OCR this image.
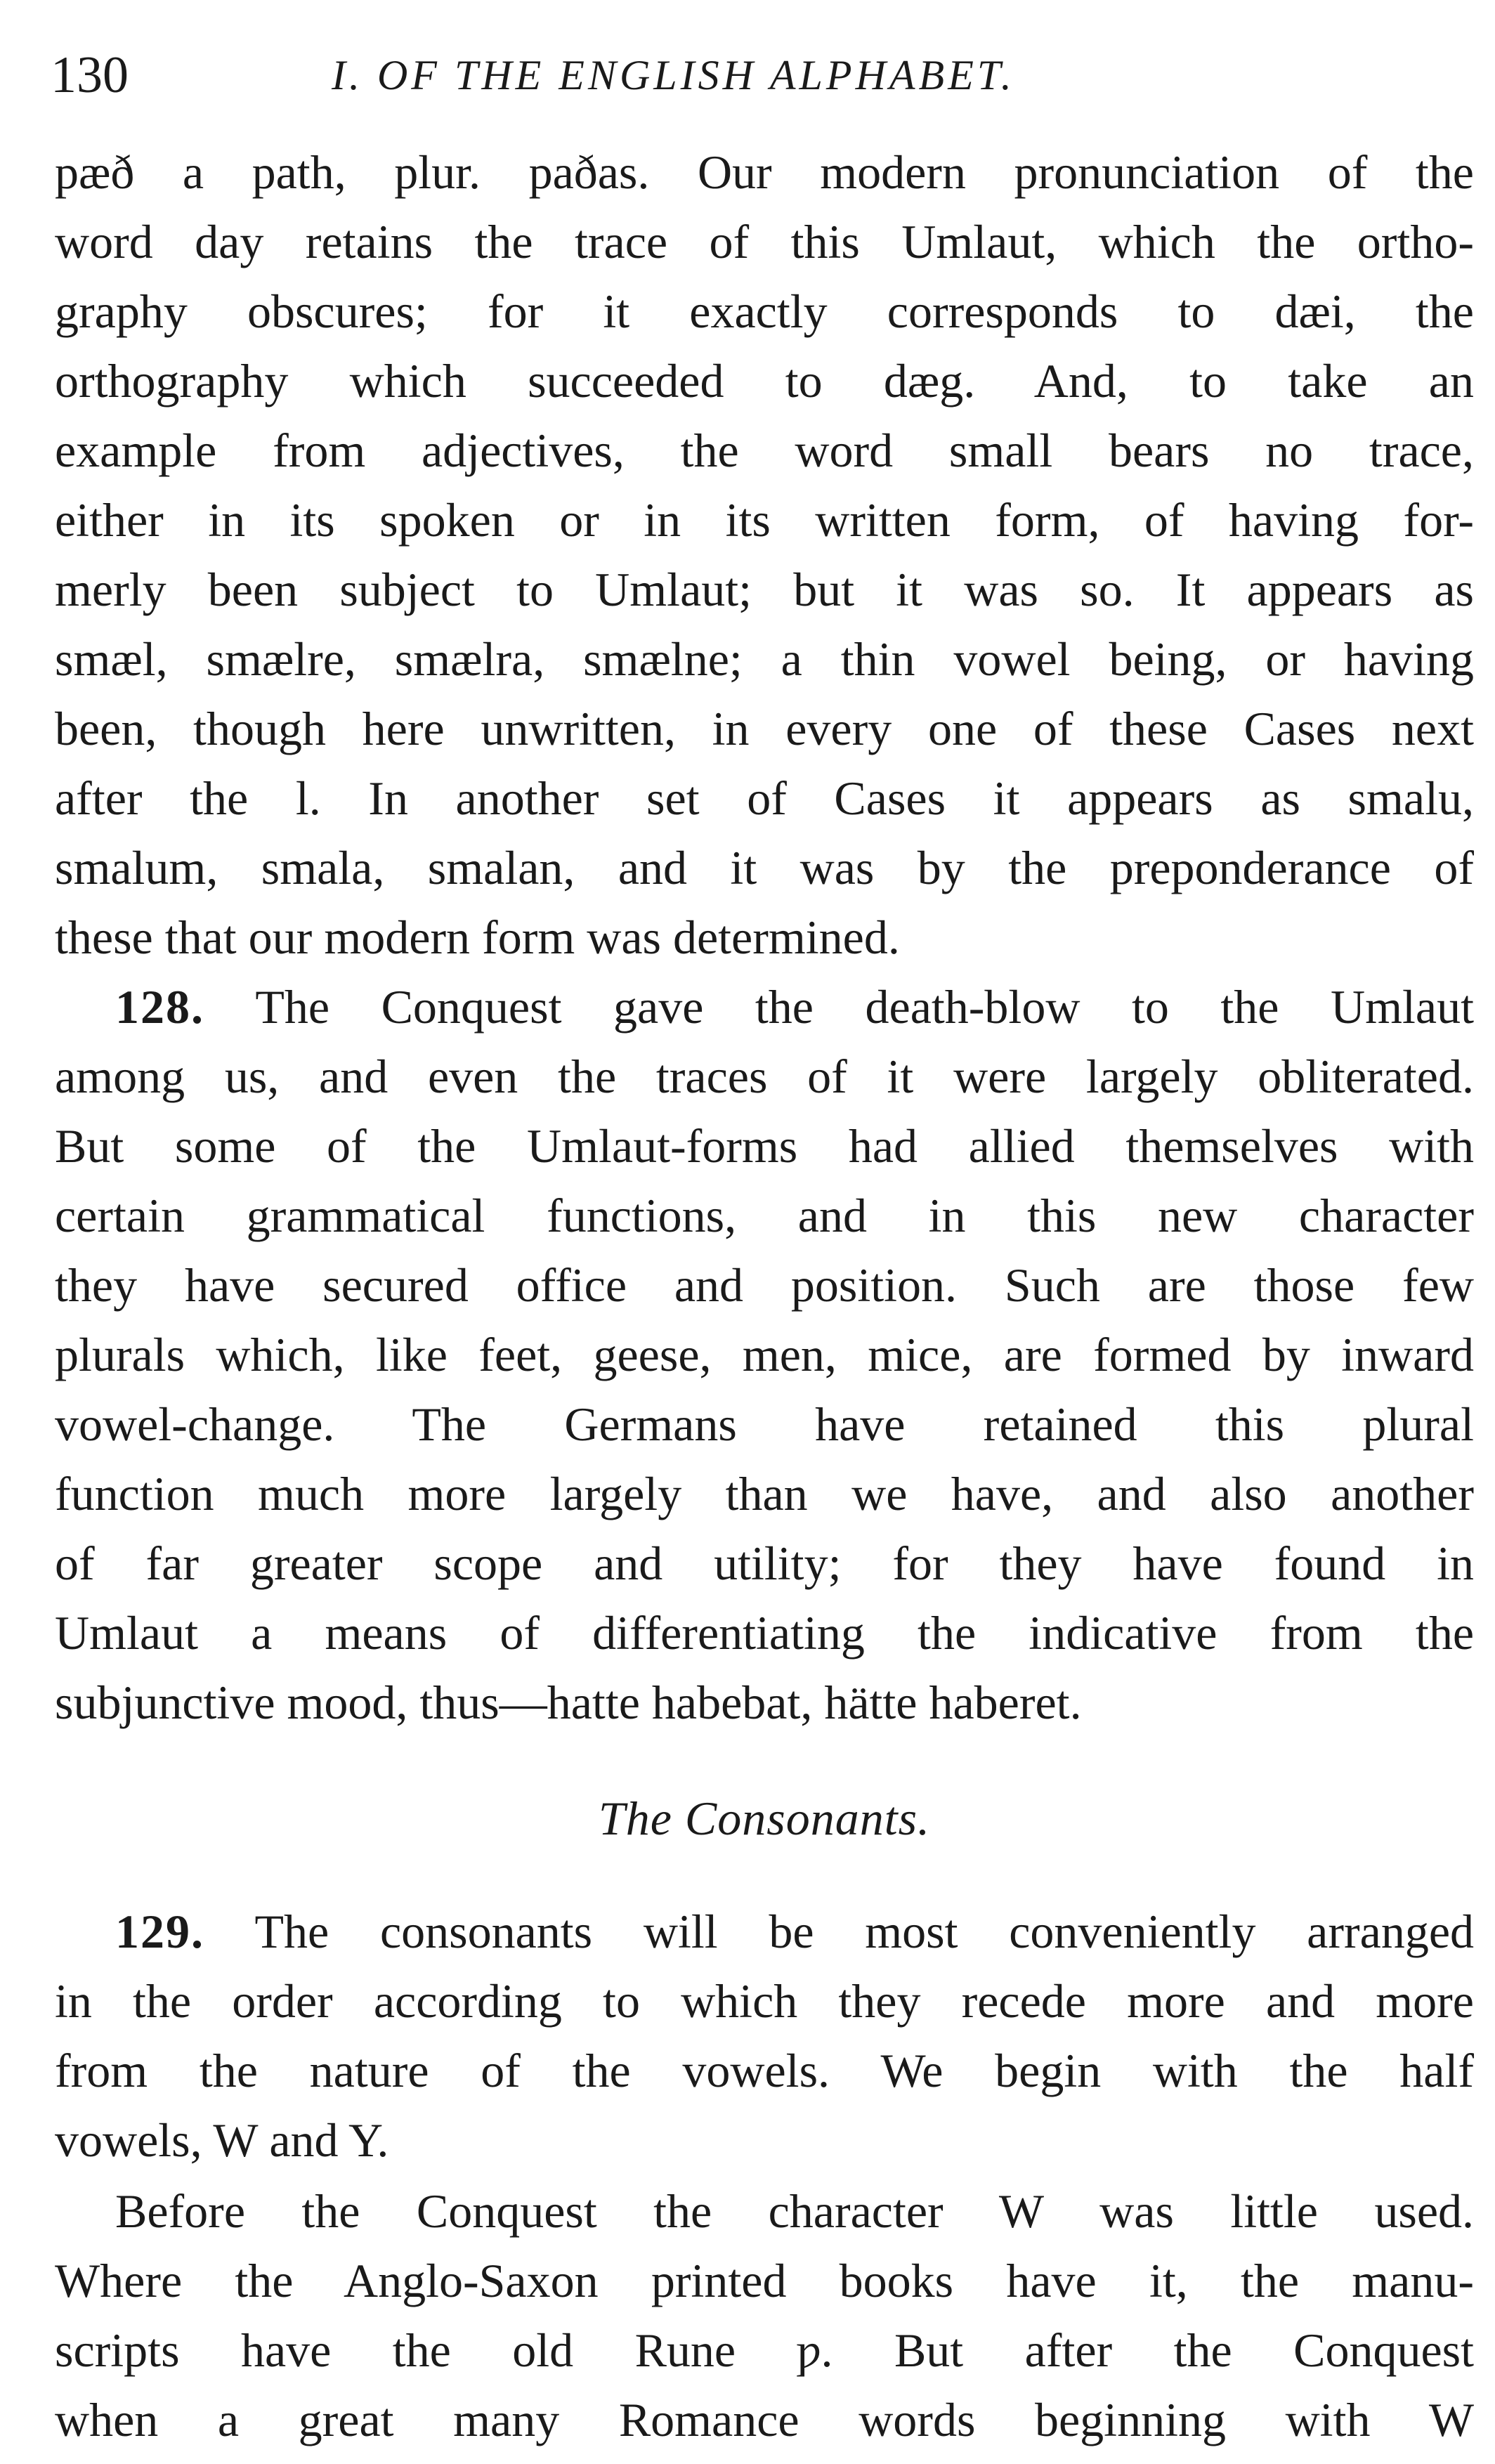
130	I. OF THE ENGLISH ALPHABET.

pæð a path, plur. paðas. Our modern pronunciation of the

word day retains the trace of this Umlaut, which the ortho-

graphy obscures; for it exactly corresponds to dæi, the

orthography which succeeded to dæg. And, to take an

example from adjectives, the word small bears no trace,

either in its spoken or in its written form, of having for-

merly been subject to Umlaut; but it was so. It appears as

smæl, smælre, smælra, smælne; a thin vowel being, or having

been, though here unwritten, in every one of these Cases next

after the l. In another set of Cases it appears as smalu,

smalum, smala, smalan, and it was by the preponderance of

these that our modern form was determined.

128. The Conquest gave the death-blow to the Umlaut

among us, and even the traces of it were largely obliterated.

But some of the Umlaut-forms had allied themselves with

certain grammatical functions, and in this new character

they have secured office and position. Such are those few

plurals which, like feet, geese, men, mice, are formed by inward

vowel-change. The Germans have retained this plural

function much more largely than we have, and also another

of far greater scope and utility; for they have found in

Umlaut a means of differentiating the indicative from the

subjunctive mood, thus—hatte habebat, hätte haberet.

The Consonants.

129. The consonants will be most conveniently arranged

in the order according to which they recede more and more

from the nature of the vowels. We begin with the half

vowels, W and Y.

Before the Conquest the character W was little used.

Where the Anglo-Saxon printed books have it, the manu-

scripts have the old Rune ƿ. But after the Conquest

when a great many Romance words beginning with W
